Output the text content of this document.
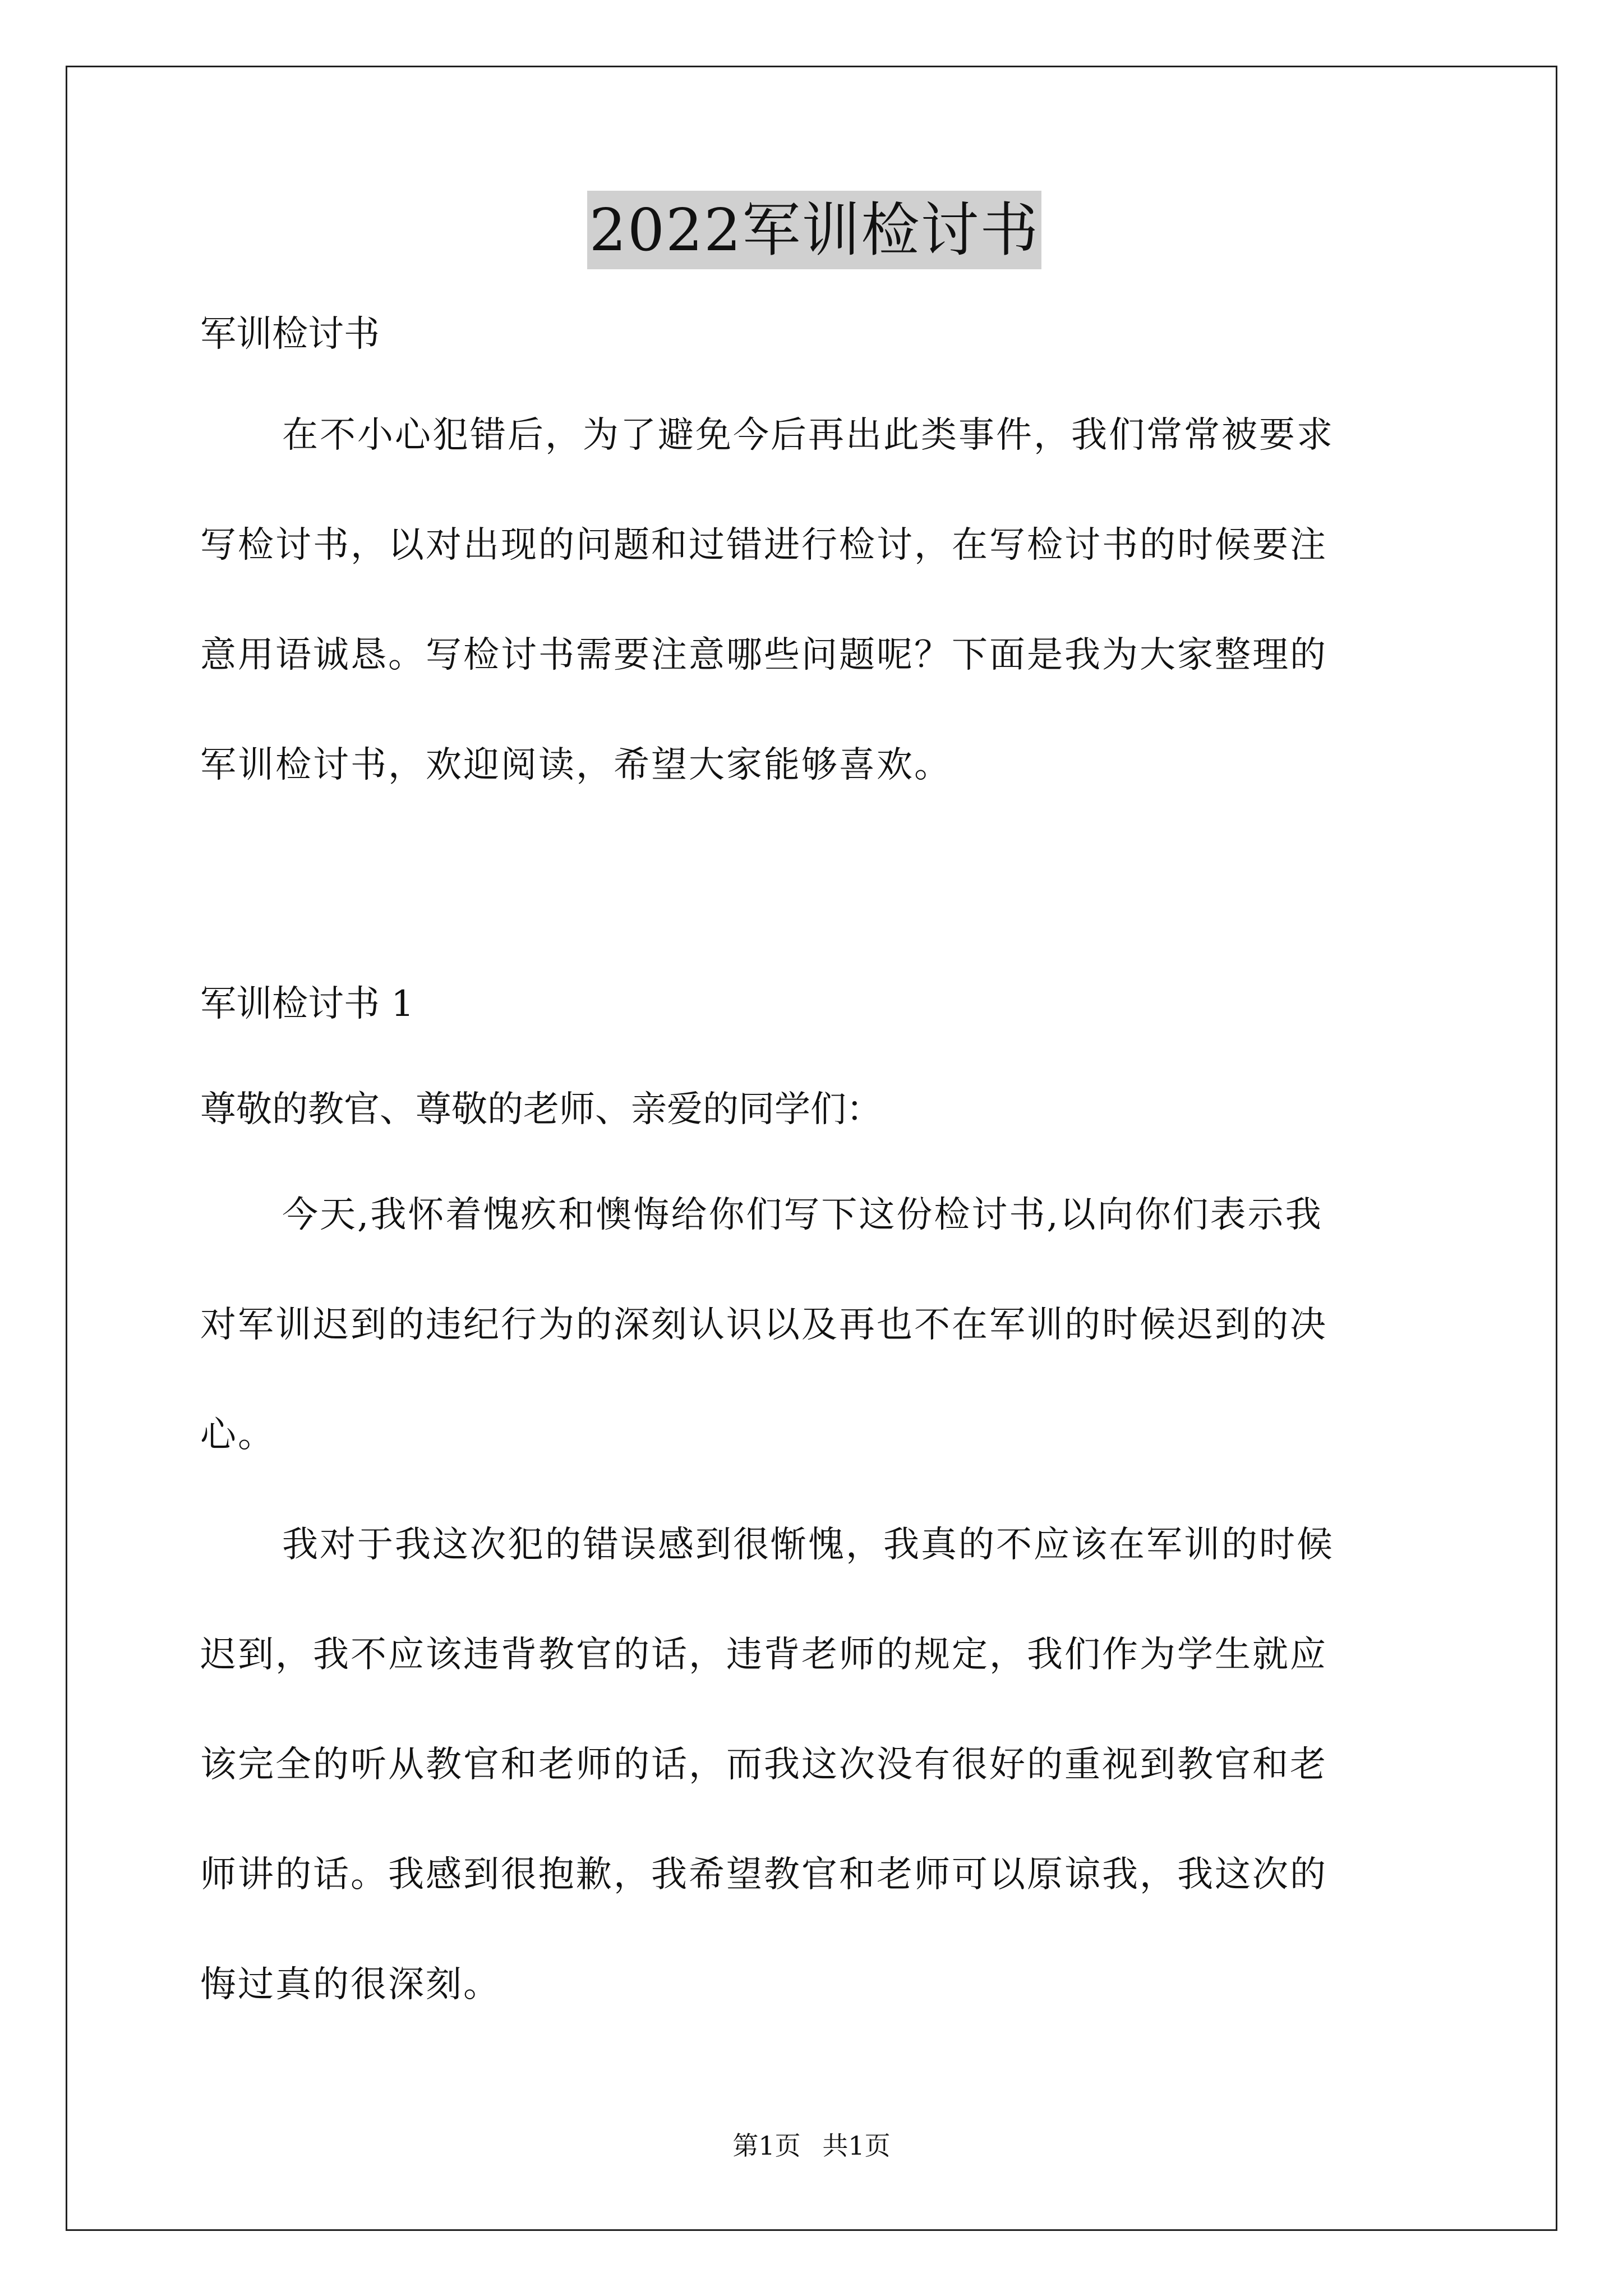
2022军训检讨书

军训检讨书

在不小心犯错后，为了避免今后再出此类事件，我们常常被要求
写检讨书，以对出现的问题和过错进行检讨，在写检讨书的时候要注
意用语诚恳。写检讨书需要注意哪些问题呢？下面是我为大家整理的
军训检讨书，欢迎阅读，希望大家能够喜欢。

军训检讨书 1

尊敬的教官、尊敬的老师、亲爱的同学们：

今天,我怀着愧疚和懊悔给你们写下这份检讨书,以向你们表示我
对军训迟到的违纪行为的深刻认识以及再也不在军训的时候迟到的决
心。
我对于我这次犯的错误感到很惭愧，我真的不应该在军训的时候
迟到，我不应该违背教官的话，违背老师的规定，我们作为学生就应
该完全的听从教官和老师的话，而我这次没有很好的重视到教官和老
师讲的话。我感到很抱歉，我希望教官和老师可以原谅我，我这次的
悔过真的很深刻。
第1页 共1页
